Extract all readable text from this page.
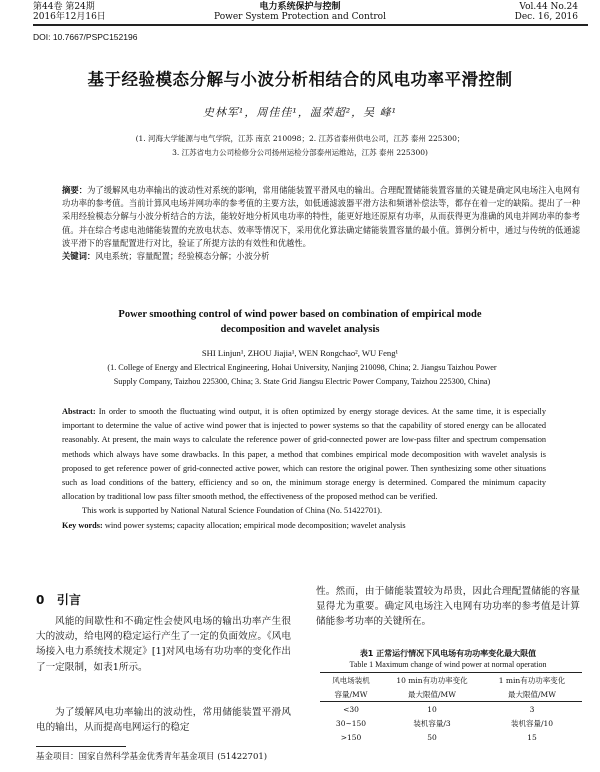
第44卷 第24期
2016年12月16日
电力系统保护与控制
Power System Protection and Control
Vol.44 No.24
Dec. 16, 2016
DOI: 10.7667/PSPC152196
基于经验模态分解与小波分析相结合的风电功率平滑控制
史林军¹，周佳佳¹，温荣超²，吴 峰¹
(1. 河海大学能源与电气学院，江苏 南京 210098；2. 江苏省泰州供电公司，江苏 泰州 225300；
3. 江苏省电力公司检修分公司扬州运检分部泰州运维站，江苏 泰州 225300)
摘要：为了缓解风电功率输出的波动性对系统的影响，常用储能装置平滑风电的输出。合理配置储能装置容量的关键是确定风电场注入电网有功功率的参考值。当前计算风电场并网功率的参考值的主要方法，如低通滤波器平滑方法和频谱补偿法等，都存在着一定的缺陷。提出了一种采用经验模态分解与小波分析结合的方法，能较好地分析风电功率的特性，能更好地还原原有功率，从而获得更为准确的风电并网功率的参考值。并在综合考虑电池储能装置的充放电状态、效率等情况下，采用优化算法确定储能装置容量的最小值。算例分析中，通过与传统的低通滤波平滑下的容量配置进行对比，验证了所提方法的有效性和优越性。
关键词：风电系统；容量配置；经验模态分解；小波分析
Power smoothing control of wind power based on combination of empirical mode
decomposition and wavelet analysis
SHI Linjun¹, ZHOU Jiajia¹, WEN Rongchao², WU Feng¹
(1. College of Energy and Electrical Engineering, Hohai University, Nanjing 210098, China; 2. Jiangsu Taizhou Power
Supply Company, Taizhou 225300, China; 3. State Grid Jiangsu Electric Power Company, Taizhou 225300, China)
Abstract: In order to smooth the fluctuating wind output, it is often optimized by energy storage devices. At the same time, it is especially important to determine the value of active wind power that is injected to power systems so that the capability of stored energy can be allocated reasonably. At present, the main ways to calculate the reference power of grid-connected power are low-pass filter and spectrum compensation methods which always have some drawbacks. In this paper, a method that combines empirical mode decomposition with wavelet analysis is proposed to get reference power of grid-connected active power, which can restore the original power. Then synthesizing some other situations such as load conditions of the battery, efficiency and so on, the minimum storage energy is determined. Compared the minimum capacity allocation by traditional low pass filter smooth method, the effectiveness of the proposed method can be verified.
This work is supported by National Natural Science Foundation of China (No. 51422701).
Key words: wind power systems; capacity allocation; empirical mode decomposition; wavelet analysis
0 引言
风能的间歇性和不确定性会使风电场的输出功率产生很大的波动，给电网的稳定运行产生了一定的负面效应。《风电场接入电力系统技术规定》[1]对风电场有功功率的变化作出了一定限制，如表1所示。
为了缓解风电功率输出的波动性，常用储能装置平滑风电的输出，从而提高电网运行的稳定
基金项目：国家自然科学基金优秀青年基金项目 (51422701)
性。然而，由于储能装置较为昂贵，因此合理配置储能的容量显得尤为重要。确定风电场注入电网有功功率的参考值是计算储能参考功率的关键所在。
表1 正常运行情况下风电场有功功率变化最大限值
Table 1 Maximum change of wind power at normal operation
风电场装机	10 min有功功率变化	1 min有功功率变化
容量/MW	最大限值/MW	最大限值/MW
<30	10	3
30~150	装机容量/3	装机容量/10
>150	50	15
